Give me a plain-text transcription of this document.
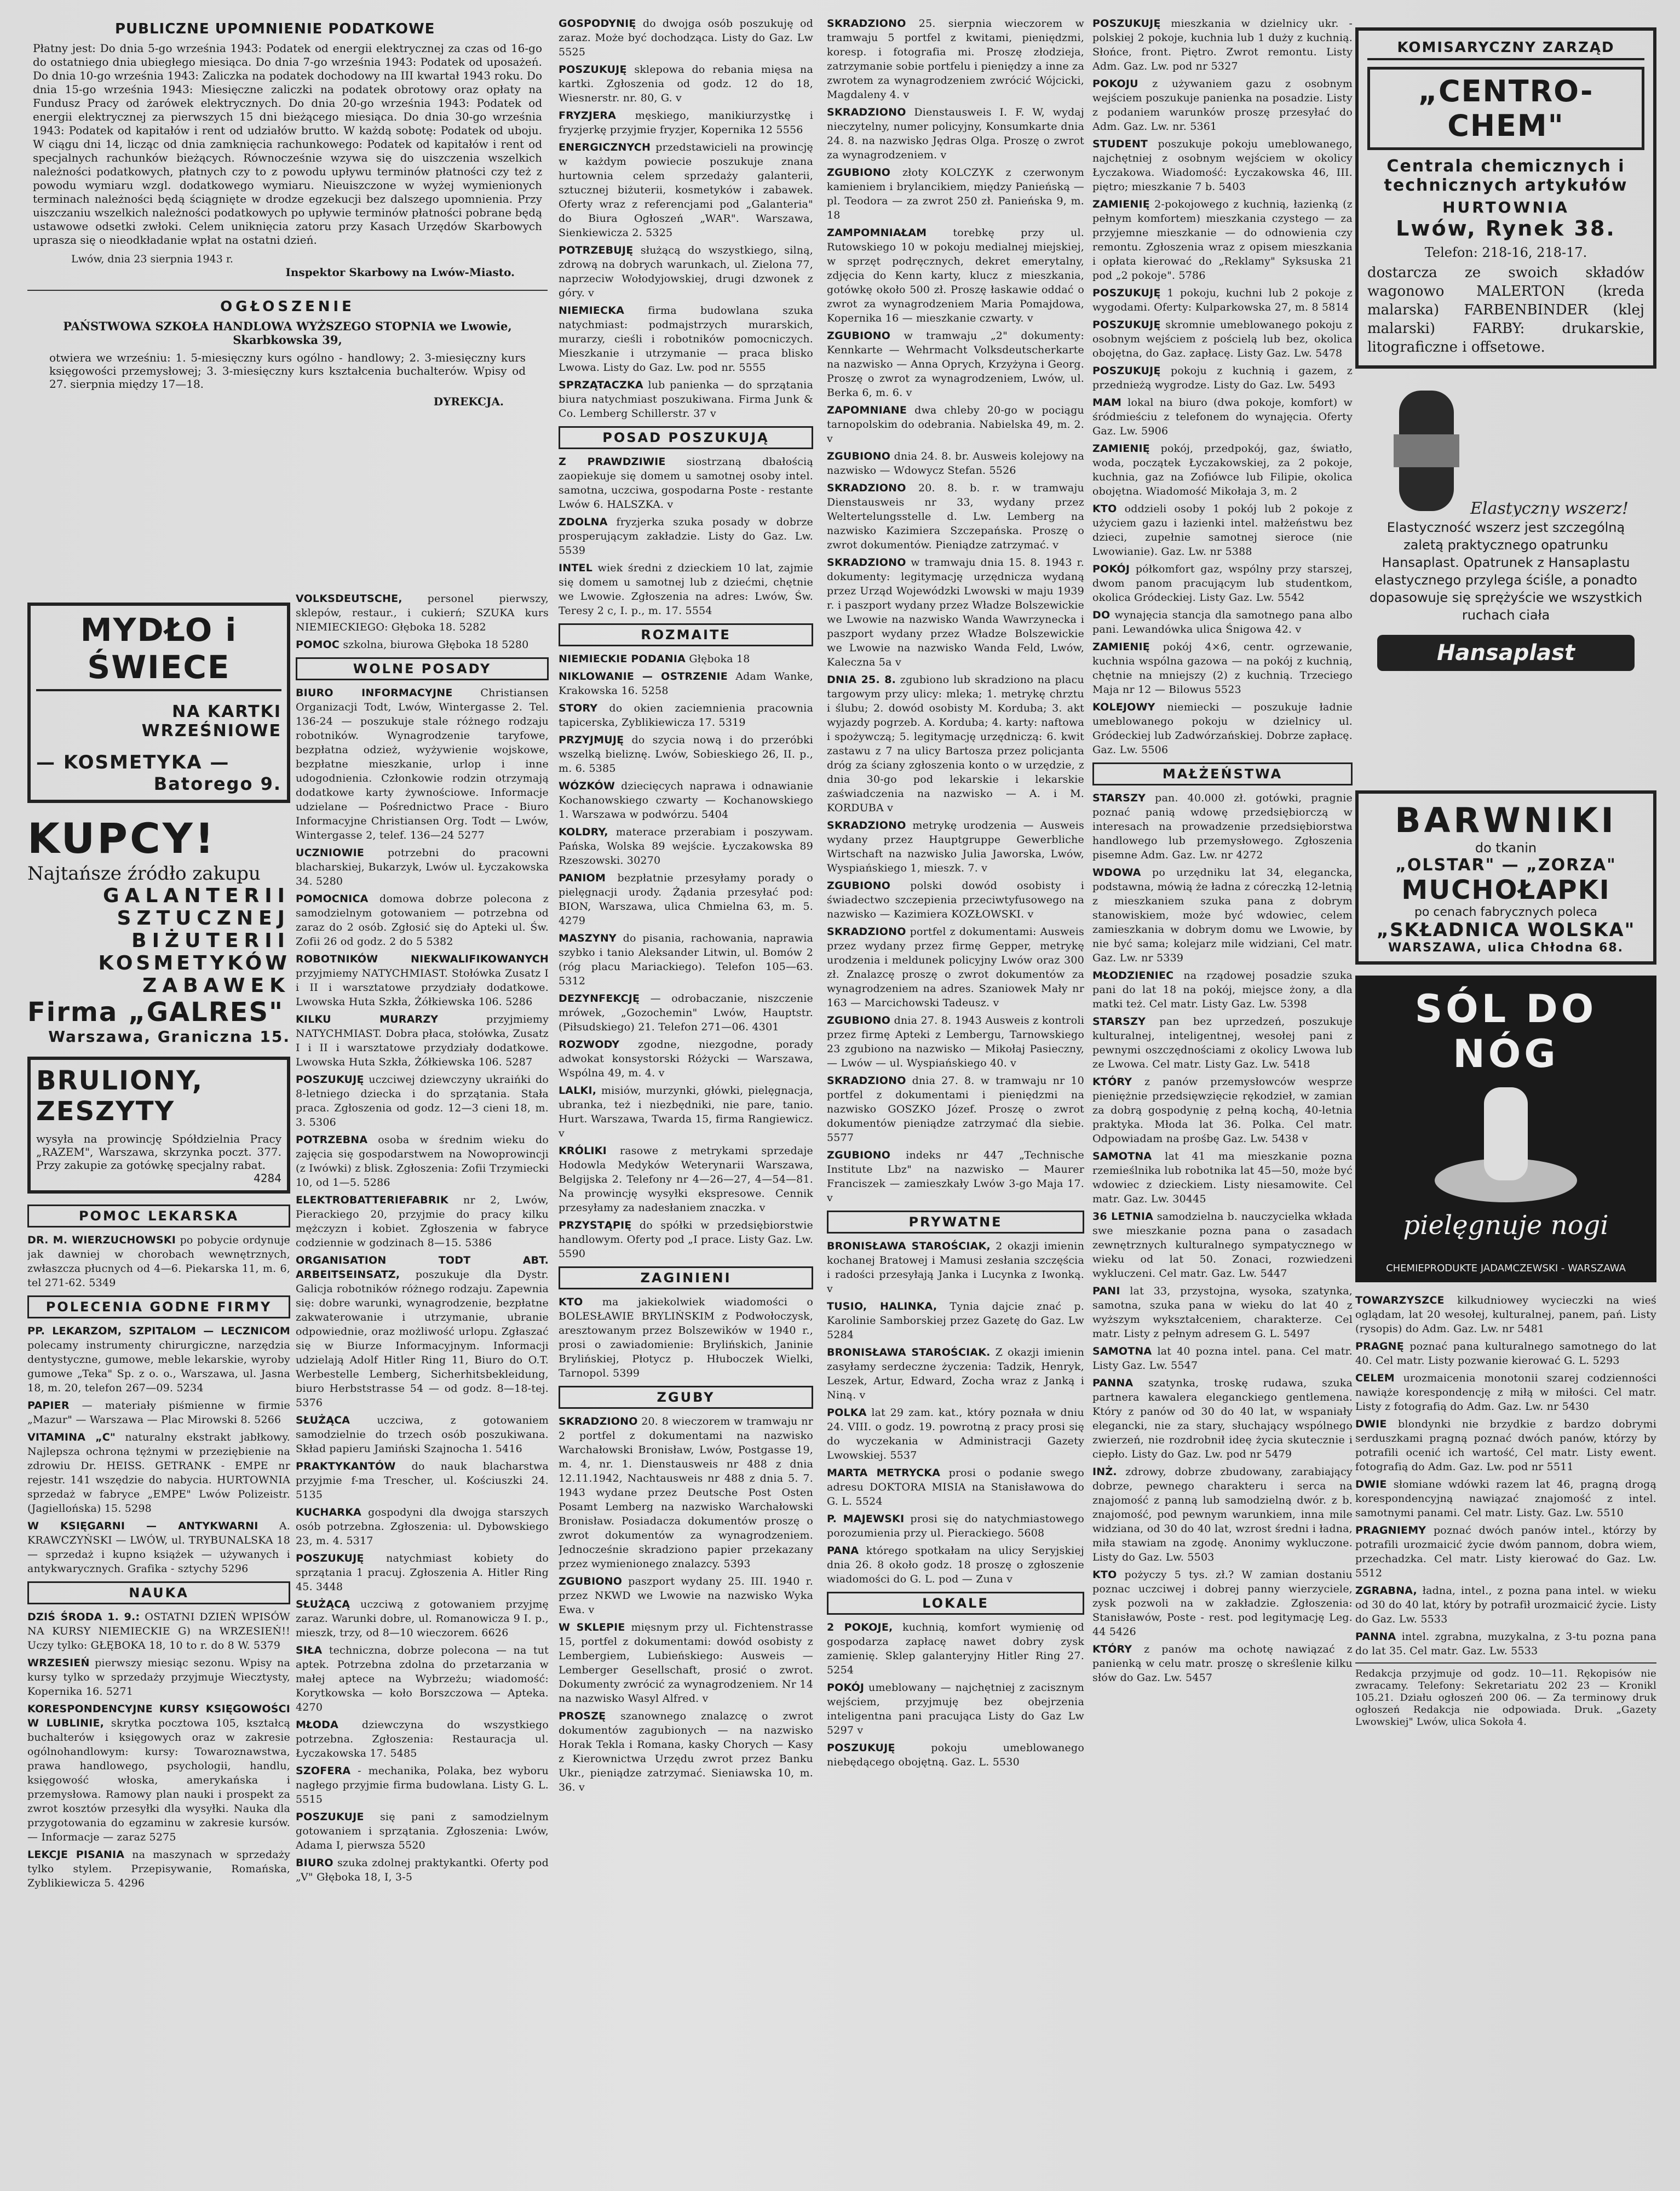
PUBLICZNE UPOMNIENIE PODATKOWE
Płatny jest: Do dnia 5-go września 1943: Podatek od energii elektrycznej za czas od 16-go do ostatniego dnia ubiegłego miesiąca. Do dnia 7-go września 1943: Podatek od uposażeń. Do dnia 10-go września 1943: Zaliczka na podatek dochodowy na III kwartał 1943 roku. Do dnia 15-go września 1943: Miesięczne zaliczki na podatek obrotowy oraz opłaty na Fundusz Pracy od żarówek elektrycznych. Do dnia 20-go września 1943: Podatek od energii elektrycznej za pierwszych 15 dni bieżącego miesiąca. Do dnia 30-go września 1943: Podatek od kapitałów i rent od udziałów brutto. W każdą sobotę: Podatek od uboju. W ciągu dni 14, licząc od dnia zamknięcia rachunkowego: Podatek od kapitałów i rent od specjalnych rachunków bieżących. Równocześnie wzywa się do uiszczenia wszelkich należności podatkowych, płatnych czy to z powodu upływu terminów płatności czy też z powodu wymiaru wzgl. dodatkowego wymiaru. Nieuiszczone w wyżej wymienionych terminach należności będą ściągnięte w drodze egzekucji bez dalszego upomnienia. Przy uiszczaniu wszelkich należności podatkowych po upływie terminów płatności pobrane będą ustawowe odsetki zwłoki. Celem uniknięcia zatoru przy Kasach Urzędów Skarbowych uprasza się o nieodkładanie wpłat na ostatni dzień.
Lwów, dnia 23 sierpnia 1943 r.
Inspektor Skarbowy na Lwów-Miasto.
OGŁOSZENIE
PAŃSTWOWA SZKOŁA HANDLOWA WYŻSZEGO STOPNIA we Lwowie, Skarbkowska 39,
otwiera we wrześniu: 1. 5-miesięczny kurs ogólno - handlowy; 2. 3-miesięczny kurs księgowości przemysłowej; 3. 3-miesięczny kurs kształcenia buchalterów. Wpisy od 27. sierpnia między 17—18.
DYREKCJA.
MYDŁO i ŚWIECE
NA KARTKI
WRZEŚNIOWE
— KOSMETYKA —
Batorego 9.
KUPCY!
Najtańsze źródło zakupu
GALANTERII
SZTUCZNEJ
BIŻUTERII
KOSMETYKÓW
ZABAWEK
Firma „GALRES"
Warszawa, Graniczna 15.
BRULIONY, ZESZYTY
wysyła na prowincję Spółdzielnia Pracy „RAZEM", Warszawa, skrzynka poczt. 377. Przy zakupie za gotówkę specjalny rabat.
4284
POMOC LEKARSKA
DR. M. WIERZUCHOWSKI po pobycie ordynuje jak dawniej w chorobach wewnętrznych, zwłaszcza płucnych od 4—6. Piekarska 11, m. 6, tel 271-62. 5349
POLECENIA GODNE FIRMY
PP. LEKARZOM, SZPITALOM — LECZNICOM polecamy instrumenty chirurgiczne, narzędzia dentystyczne, gumowe, meble lekarskie, wyroby gumowe „Teka" Sp. z o. o., Warszawa, ul. Jasna 18, m. 20, telefon 267—09. 5234
PAPIER — materiały piśmienne w firmie „Mazur" — Warszawa — Plac Mirowski 8. 5266
VITAMINA „C" naturalny ekstrakt jabłkowy. Najlepsza ochrona tężnymi w przeziębienie na zdrowiu Dr. HEISS. GETRANK - EMPE nr rejestr. 141 wszędzie do nabycia. HURTOWNIA sprzedaż w fabryce „EMPE" Lwów Polizeistr. (Jagiellońska) 15. 5298
W KSIĘGARNI — ANTYKWARNI A. KRAWCZYŃSKI — LWÓW, ul. TRYBUNALSKA 18 — sprzedaż i kupno książek — używanych i antykwarycznych. Grafika - sztychy 5296
NAUKA
DZIŚ ŚRODA 1. 9.: OSTATNI DZIEŃ WPISÓW NA KURSY NIEMIECKIE G) na WRZESIEŃ!! Uczy tylko: GŁĘBOKA 18, 10 to r. do 8 W. 5379
WRZESIEŃ pierwszy miesiąc sezonu. Wpisy na kursy tylko w sprzedaży przyjmuje Wiecztysty, Kopernika 16. 5271
KORESPONDENCYJNE KURSY KSIĘGOWOŚCI W LUBLINIE, skrytka pocztowa 105, kształcą buchalterów i księgowych oraz w zakresie ogólnohandlowym: kursy: Towaroznawstwa, prawa handlowego, psychologii, handlu, księgowość włoska, amerykańska i przemysłowa. Ramowy plan nauki i prospekt za zwrot kosztów przesyłki dla wysyłki. Nauka dla przygotowania do egzaminu w zakresie kursów. — Informacje — zaraz 5275
LEKCJE PISANIA na maszynach w sprzedaży tylko stylem. Przepisywanie, Romańska, Zyblikiewicza 5. 4296
VOLKSDEUTSCHE, personel pierwszy, sklepów, restaur., i cukierń; SZUKA kurs NIEMIECKIEGO: Głęboka 18. 5282
POMOC szkolna, biurowa Głęboka 18 5280
WOLNE POSADY
BIURO INFORMACYJNE	Christiansen Organizacji Todt, Lwów, Wintergasse 2. Tel. 136-24 — poszukuje stale różnego rodzaju robotników. Wynagrodzenie taryfowe, bezpłatna odzież, wyżywienie wojskowe, bezpłatne mieszkanie, urlop i inne udogodnienia. Członkowie rodzin otrzymają dodatkowe karty żywnościowe. Informacje udzielane — Pośrednictwo Prace - Biuro Informacyjne Christiansen Org. Todt — Lwów, Wintergasse 2, telef. 136—24 5277
UCZNIOWIE potrzebni do pracowni blacharskiej, Bukarzyk, Lwów ul. Łyczakowska 34. 5280
POMOCNICA domowa dobrze polecona z samodzielnym gotowaniem — potrzebna od zaraz do 2 osób. Zgłosić się do Apteki ul. Św. Zofii 26 od godz. 2 do 5 5382
ROBOTNIKÓW NIEKWALIFIKOWANYCH przyjmiemy NATYCHMIAST. Stołówka Zusatz I i II i warsztatowe przydziały dodatkowe. Lwowska Huta Szkła, Żółkiewska 106. 5286
KILKU MURARZY	przyjmiemy NATYCHMIAST. Dobra płaca, stołówka, Zusatz I i II i warsztatowe przydziały dodatkowe. Lwowska Huta Szkła, Żółkiewska 106. 5287
POSZUKUJĘ uczciwej dziewczyny ukraińki do 8-letniego dziecka i do sprzątania. Stała praca. Zgłoszenia od godz. 12—3 cieni 18, m. 3. 5306
POTRZEBNA osoba w średnim wieku do zajęcia się gospodarstwem na Nowoprowincji (z Iwówki) z blisk. Zgłoszenia: Zofii Trzymiecki 10, od 1—5. 5286
ELEKTROBATTERIEFABRIK nr 2, Lwów, Pierackiego 20, przyjmie do pracy kilku mężczyzn i kobiet. Zgłoszenia w fabryce codziennie w godzinach 8—15. 5386
ORGANISATION TODT ABT. ARBEITSEINSATZ, poszukuje dla Dystr. Galicja robotników różnego rodzaju. Zapewnia się: dobre warunki, wynagrodzenie, bezpłatne zakwaterowanie i utrzymanie, ubranie odpowiednie, oraz możliwość urlopu. Zgłaszać się w Biurze Informacyjnym. Informacji udzielają Adolf Hitler Ring 11, Biuro do O.T. Werbestelle Lemberg, Sicherhitsbekleidung, biuro Herbststrasse 54 — od godz. 8—18-tej. 5376
SŁUŻĄCA	uczciwa, z gotowaniem samodzielnie do trzech osób poszukiwana. Skład papieru Jamiński Szajnocha 1. 5416
PRAKTYKANTÓW do nauk blacharstwa przyjmie f-ma Trescher, ul. Kościuszki 24. 5135
KUCHARKA gospodyni dla dwojga starszych osób potrzebna. Zgłoszenia: ul. Dybowskiego 23, m. 4. 5317
POSZUKUJĘ natychmiast kobiety do sprzątania 1 pracuj. Zgłoszenia A. Hitler Ring 45. 3448
SŁUŻĄCĄ uczciwą z gotowaniem przyjmę zaraz. Warunki dobre, ul. Romanowicza 9 I. p., mieszk, trzy, od 8—10 wieczorem. 6626
SIŁA techniczna, dobrze polecona — na tut aptek. Potrzebna zdolna do przetarzania w małej aptece na Wybrzeżu; wiadomość: Korytkowska — koło Borszczowa — Apteka. 4270
MŁODA dziewczyna do wszystkiego potrzebna. Zgłoszenia: Restauracja ul. Łyczakowska 17. 5485
SZOFERA - mechanika, Polaka, bez wyboru nagłego przyjmie firma budowlana. Listy G. L. 5515
POSZUKUJE się pani z samodzielnym gotowaniem i sprzątania. Zgłoszenia: Lwów, Adama I, pierwsza 5520
BIURO szuka zdolnej praktykantki. Oferty pod „V" Głęboka 18, I, 3-5
GOSPODYNIĘ do dwojga osób poszukuję od zaraz. Może być dochodząca. Listy do Gaz. Lw 5525
POSZUKUJĘ sklepowa do rebania mięsa na kartki. Zgłoszenia od godz. 12 do 18, Wiesnerstr. nr. 80, G. v
FRYZJERA męskiego, manikiurzystkę i fryzjerkę przyjmie fryzjer, Kopernika 12 5556
ENERGICZNYCH przedstawicieli na prowincję w każdym powiecie poszukuje znana hurtownia celem sprzedaży galanterii, sztucznej biżuterii, kosmetyków i zabawek. Oferty wraz z referencjami pod „Galanteria" do Biura Ogłoszeń „WAR". Warszawa, Sienkiewicza 2. 5325
POTRZEBUJĘ służącą do wszystkiego, silną, zdrową na dobrych warunkach, ul. Zielona 77, naprzeciw Wołodyjowskiej, drugi dzwonek z góry. v
NIEMIECKA firma budowlana szuka natychmiast: podmajstrzych murarskich, murarzy, cieśli i robotników pomocniczych. Mieszkanie i utrzymanie — praca blisko Lwowa. Listy do Gaz. Lw. pod nr. 5555
SPRZĄTACZKA lub panienka — do sprzątania biura natychmiast poszukiwana. Firma Junk & Co. Lemberg Schillerstr. 37 v
POSAD POSZUKUJĄ
Z PRAWDZIWIE siostrzaną dbałością zaopiekuje się domem u samotnej osoby intel. samotna, uczciwa, gospodarna Poste - restante Lwów 6. HALSZKA. v
ZDOLNA fryzjerka szuka posady w dobrze prosperującym zakładzie. Listy do Gaz. Lw. 5539
INTEL wiek średni z dzieckiem 10 lat, zajmie się domem u samotnej lub z dziećmi, chętnie we Lwowie. Zgłoszenia na adres: Lwów, Św. Teresy 2 c, I. p., m. 17. 5554
ROZMAITE
NIEMIECKIE PODANIA Głęboka 18
NIKLOWANIE — OSTRZENIE Adam Wanke, Krakowska 16. 5258
STORY do okien zaciemnienia pracownia tapicerska, Zyblikiewicza 17. 5319
PRZYJMUJĘ do szycia nową i do przeróbki wszelką bieliznę. Lwów, Sobieskiego 26, II. p., m. 6. 5385
WÓZKÓW dziecięcych naprawa i odnawianie Kochanowskiego czwarty — Kochanowskiego 1. Warszawa w podwórzu. 5404
KOLDRY, materace przerabiam i poszywam. Pańska, Wolska 89 wejście. Łyczakowska 89 Rzeszowski. 30270
PANIOM bezpłatnie przesyłamy porady o pielęgnacji urody. Żądania przesyłać pod: BION, Warszawa, ulica Chmielna 63, m. 5. 4279
MASZYNY do pisania, rachowania, naprawia szybko i tanio Aleksander Litwin, ul. Bomów 2 (róg placu Mariackiego). Telefon 105—63. 5312
DEZYNFEKCJĘ — odrobaczanie, niszczenie mrówek, „Gozochemin" Lwów, Hauptstr. (Piłsudskiego) 21. Telefon 271—06. 4301
ROZWODY zgodne, niezgodne, porady adwokat konsystorski Różycki — Warszawa, Wspólna 49, m. 4. v
LALKI, misiów, murzynki, główki, pielęgnacja, ubranka, też i niezbędniki, nie pare, tanio. Hurt. Warszawa, Twarda 15, firma Rangiewicz. v
KRÓLIKI rasowe z metrykami sprzedaje Hodowla Medyków Weterynarii Warszawa, Belgijska 2. Telefony nr 4—26—27, 4—54—81. Na prowincję wysyłki ekspresowe. Cennik przesyłamy za nadesłaniem znaczka. v
PRZYSTĄPIĘ do spółki w przedsiębiorstwie handlowym. Oferty pod „I prace. Listy Gaz. Lw. 5590
ZAGINIENI
KTO ma jakiekolwiek wiadomości o BOLESŁAWIE BRYLIŃSKIM z Podwołoczysk, aresztowanym przez Bolszewików w 1940 r., prosi o zawiadomienie: Brylińskich, Janinie Brylińskiej, Płotycz p. Hłuboczek Wielki, Tarnopol. 5399
ZGUBY
SKRADZIONO 20. 8 wieczorem w tramwaju nr 2 portfel z dokumentami na nazwisko Warchałowski Bronisław, Lwów, Postgasse 19, m. 4, nr. 1. Dienstausweis nr 488 z dnia 12.11.1942, Nachtausweis nr 488 z dnia 5. 7. 1943 wydane przez Deutsche Post Osten Posamt Lemberg na nazwisko Warchałowski Bronisław. Posiadacza dokumentów proszę o zwrot dokumentów za wynagrodzeniem. Jednocześnie skradziono papier przekazany przez wymienionego znalazcy. 5393
ZGUBIONO paszport wydany 25. III. 1940 r. przez NKWD we Lwowie na nazwisko Wyka Ewa. v
W SKLEPIE mięsnym przy ul. Fichtenstrasse 15, portfel z dokumentami: dowód osobisty z Lembergiem, Lubieńskiego: Ausweis — Lemberger Gesellschaft, prosić o zwrot. Dokumenty zwrócić za wynagrodzeniem. Nr 14 na nazwisko Wasyl Alfred. v
PROSZĘ szanownego znalazcę o zwrot dokumentów zagubionych — na nazwisko Horak Tekla i Romana, kasky Chorych — Kasy z Kierownictwa Urzędu zwrot przez Banku Ukr., pieniądze zatrzymać. Sieniawska 10, m. 36. v
SKRADZIONO 25. sierpnia wieczorem w tramwaju 5 portfel z kwitami, pieniędzmi, koresp. i fotografia mi. Proszę złodzieja, zatrzymanie sobie portfelu i pieniędzy a inne za zwrotem za wynagrodzeniem zwrócić Wójcicki, Magdaleny 4. v
SKRADZIONO Dienstausweis I. F. W, wydaj nieczytelny, numer policyjny, Konsumkarte dnia 24. 8. na nazwisko Jędras Olga. Proszę o zwrot za wynagrodzeniem. v
ZGUBIONO złoty KOLCZYK z czerwonym kamieniem i brylancikiem, między Panieńską — pl. Teodora — za zwrot 250 zł. Panieńska 9, m. 18
ZAMPOMNIAŁAM	torebkę przy ul. Rutowskiego 10 w pokoju medialnej miejskiej, w sprzęt podręcznych, dekret emerytalny, zdjęcia do Kenn karty, klucz z mieszkania, gotówkę około 500 zł. Proszę łaskawie oddać o zwrot za wynagrodzeniem Maria Pomajdowa, Kopernika 16 — mieszkanie czwarty. v
ZGUBIONO w tramwaju „2" dokumenty: Kennkarte — Wehrmacht Volksdeutscherkarte na nazwisko — Anna Oprych, Krzyżyna i Georg. Proszę o zwrot za wynagrodzeniem, Lwów, ul. Berka 6, m. 6. v
ZAPOMNIANE dwa chleby 20-go w pociągu tarnopolskim do odebrania. Nabielska 49, m. 2. v
ZGUBIONO dnia 24. 8. br. Ausweis kolejowy na nazwisko — Wdowycz Stefan. 5526
SKRADZIONO 20. 8. b. r. w tramwaju Dienstausweis nr 33, wydany przez Weltertelungsstelle d. Lw. Lemberg na nazwisko Kazimiera Szczepańska. Proszę o zwrot dokumentów. Pieniądze zatrzymać. v
SKRADZIONO w tramwaju dnia 15. 8. 1943 r. dokumenty: legitymację urzędnicza wydaną przez Urząd Wojewódzki Lwowski w maju 1939 r. i paszport wydany przez Władze Bolszewickie we Lwowie na nazwisko Wanda Wawrzynecka i paszport wydany przez Władze Bolszewickie we Lwowie na nazwisko Wanda Feld, Lwów, Kaleczna 5a v
DNIA 25. 8. zgubiono lub skradziono na placu targowym przy ulicy: mleka; 1. metrykę chrztu i ślubu; 2. dowód osobisty M. Korduba; 3. akt wyjazdy pogrzeb. A. Korduba; 4. karty: naftowa i spożywczą; 5. legitymację urzędniczą: 6. kwit zastawu z 7 na ulicy Bartosza przez policjanta dróg za ściany zgłoszenia konto o w urzędzie, z dnia 30-go pod lekarskie i lekarskie zaświadczenia na nazwisko — A. i M. KORDUBA v
SKRADZIONO metrykę urodzenia — Ausweis wydany przez Hauptgruppe Gewerbliche Wirtschaft na nazwisko Julia Jaworska, Lwów, Wyspiańskiego 1, mieszk. 7. v
ZGUBIONO polski dowód osobisty i świadectwo szczepienia przeciwtyfusowego na nazwisko — Kazimiera KOZŁOWSKI. v
SKRADZIONO portfel z dokumentami: Ausweis przez wydany przez firmę Gepper, metrykę urodzenia i meldunek policyjny Lwów oraz 300 zł. Znalazcę proszę o zwrot dokumentów za wynagrodzeniem na adres. Szaniowek Mały nr 163 — Marcichowski Tadeusz. v
ZGUBIONO dnia 27. 8. 1943 Ausweis z kontroli przez firmę Apteki z Lembergu, Tarnowskiego 23 zgubiono na nazwisko — Mikołaj Pasieczny, — Lwów — ul. Wyspiańskiego 40. v
SKRADZIONO dnia 27. 8. w tramwaju nr 10 portfel z dokumentami i pieniędzmi na nazwisko GOSZKO Józef. Proszę o zwrot dokumentów pieniądze zatrzymać dla siebie. 5577
ZGUBIONO indeks nr 447 „Technische Institute Lbz" na nazwisko — Maurer Franciszek — zamieszkały Lwów 3-go Maja 17. v
PRYWATNE
BRONISŁAWA STAROŚCIAK, 2 okazji imienin kochanej Bratowej i Mamusi zesłania szczęścia i radości przesyłają Janka i Lucynka z Iwonką. v
TUSIO, HALINKA, Tynia dajcie znać p. Karolinie Samborskiej przez Gazetę do Gaz. Lw 5284
BRONISŁAWA STAROŚCIAK. Z okazji imienin zasyłamy serdeczne życzenia: Tadzik, Henryk, Leszek, Artur, Edward, Zocha wraz z Janką i Niną. v
POLKA lat 29 zam. kat., który poznała w dniu 24. VIII. o godz. 19. powrotną z pracy prosi się do wyczekania w Administracji Gazety Lwowskiej. 5537
MARTA METRYCKA prosi o podanie swego adresu DOKTORA MISIA na Stanisławowa do G. L. 5524
P. MAJEWSKI prosi się do natychmiastowego porozumienia przy ul. Pierackiego. 5608
PANA którego spotkałam na ulicy Seryjskiej dnia 26. 8 około godz. 18 proszę o zgłoszenie wiadomości do G. L. pod — Zuna v
LOKALE
2 POKOJE, kuchnią, komfort wymienię od gospodarza zapłacę nawet dobry zysk zamienię. Sklep galanteryjny Hitler Ring 27. 5254
POKÓJ umeblowany — najchętniej z zacisznym wejściem, przyjmuję bez obejrzenia inteligentna pani pracująca Listy do Gaz Lw 5297 v
POSZUKUJĘ	pokoju umeblowanego niebędącego obojętną. Gaz. L. 5530
POSZUKUJĘ mieszkania w dzielnicy ukr. - polskiej 2 pokoje, kuchnia lub 1 duży z kuchnią. Słońce, front. Piętro. Zwrot remontu. Listy Adm. Gaz. Lw. pod nr 5327
POKOJU z używaniem gazu z osobnym wejściem poszukuje panienka na posadzie. Listy z podaniem warunków proszę przesyłać do Adm. Gaz. Lw. nr. 5361
STUDENT poszukuje pokoju umeblowanego, najchętniej z osobnym wejściem w okolicy Łyczakowa. Wiadomość: Łyczakowska 46, III. piętro; mieszkanie 7 b. 5403
ZAMIENIĘ 2-pokojowego z kuchnią, łazienką (z pełnym komfortem) mieszkania czystego — za przyjemne mieszkanie — do odnowienia czy remontu. Zgłoszenia wraz z opisem mieszkania i opłata kierować do „Reklamy" Syksuska 21 pod „2 pokoje". 5786
POSZUKUJĘ 1 pokoju, kuchni lub 2 pokoje z wygodami. Oferty: Kulparkowska 27, m. 8 5814
POSZUKUJĘ skromnie umeblowanego pokoju z osobnym wejściem z pościelą lub bez, okolica obojętna, do Gaz. zapłacę. Listy Gaz. Lw. 5478
POSZUKUJĘ pokoju z kuchnią i gazem, z przednieżą wygrodze. Listy do Gaz. Lw. 5493
MAM lokal na biuro (dwa pokoje, komfort) w śródmieściu z telefonem do wynajęcia. Oferty Gaz. Lw. 5906
ZAMIENIĘ pokój, przedpokój, gaz, światło, woda, początek Łyczakowskiej, za 2 pokoje, kuchnia, gaz na Zofiówce lub Filipie, okolica obojętna. Wiadomość Mikołaja 3, m. 2
KTO oddzieli osoby 1 pokój lub 2 pokoje z użyciem gazu i łazienki intel. małżeństwu bez dzieci, zupełnie samotnej sieroce (nie Lwowianie). Gaz. Lw. nr 5388
POKÓJ półkomfort gaz, wspólny przy starszej, dwom panom pracującym lub studentkom, okolica Gródeckiej. Listy Gaz. Lw. 5542
DO wynajęcia stancja dla samotnego pana albo pani. Lewandówka ulica Śnigowa 42. v
ZAMIENIĘ pokój 4×6, centr. ogrzewanie, kuchnia wspólna gazowa — na pokój z kuchnią, chętnie na mniejszy (2) z kuchnią. Trzeciego Maja nr 12 — Bilowus 5523
KOLEJOWY niemiecki — poszukuje ładnie umeblowanego pokoju w dzielnicy ul. Gródeckiej lub Zadwórzańskiej. Dobrze zapłacę. Gaz. Lw. 5506
MAŁŻEŃSTWA
STARSZY pan. 40.000 zł. gotówki, pragnie poznać panią wdowę przedsiębiorczą w interesach na prowadzenie przedsiębiorstwa handlowego lub przemysłowego. Zgłoszenia pisemne Adm. Gaz. Lw. nr 4272
WDOWA po urzędniku lat 34, elegancka, podstawna, mówią że ładna z córeczką 12-letnią z mieszkaniem szuka pana z dobrym stanowiskiem, może być wdowiec, celem zamieszkania w dobrym domu we Lwowie, by nie być sama; kolejarz mile widziani, Cel matr. Gaz. Lw. nr 5339
MŁODZIENIEC na rządowej posadzie szuka pani do lat 18 na pokój, miejsce żony, a dla matki też. Cel matr. Listy Gaz. Lw. 5398
STARSZY pan bez uprzedzeń, poszukuje kulturalnej, inteligentnej, wesołej pani z pewnymi oszczędnościami z okolicy Lwowa lub ze Lwowa. Cel matr. Listy Gaz. Lw. 5418
KTÓRY z panów przemysłowców wesprze pieniężnie przedsięwzięcie rękodzieł, w zamian za dobrą gospodynię z pełną kochą, 40-letnia praktyka. Młoda lat 36. Polka. Cel matr. Odpowiadam na prośbę Gaz. Lw. 5438 v
SAMOTNA lat 41 ma mieszkanie pozna rzemieślnika lub robotnika lat 45—50, może być wdowiec z dzieckiem. Listy niesamowite. Cel matr. Gaz. Lw. 30445
36 LETNIA samodzielna b. nauczycielka wkłada swe mieszkanie pozna pana o zasadach zewnętrznych kulturalnego sympatycznego w wieku od lat 50. Zonaci, rozwiedzeni wykluczeni. Cel matr. Gaz. Lw. 5447
PANI lat 33, przystojna, wysoka, szatynka, samotna, szuka pana w wieku do lat 40 z wyższym wykształceniem, charakterze. Cel matr. Listy z pełnym adresem G. L. 5497
SAMOTNA lat 40 pozna intel. pana. Cel matr. Listy Gaz. Lw. 5547
PANNA szatynka, troskę rudawa, szuka partnera kawalera eleganckiego gentlemena. Który z panów od 30 do 40 lat, w wspaniały elegancki, nie za stary, słuchający wspólnego zwierzeń, nie rozdrobnił ideę życia skutecznie i ciepło. Listy do Gaz. Lw. pod nr 5479
INŻ. zdrowy, dobrze zbudowany, zarabiający dobrze, pewnego charakteru i serca na znajomość z panną lub samodzielną dwór. z b. znajomość, pod pewnym warunkiem, inna mile widziana, od 30 do 40 lat, wzrost średni i ładna, miła stawiam na zgodę. Anonimy wykluczone. Listy do Gaz. Lw. 5503
KTO pożyczy 5 tys. zł.? W zamian dostaniu poznac uczciwej i dobrej panny wierzyciele, zysk pozwoli na w zakładzie. Zgłoszenia: Stanisławów, Poste - rest. pod legitymację Leg. 44 5426
KTÓRY z panów ma ochotę nawiązać z panienką w celu matr. proszę o skreślenie kilku słów do Gaz. Lw. 5457
KOMISARYCZNY ZARZĄD
„CENTRO-CHEM"
Centrala chemicznych i technicznych artykułów
HURTOWNIA
Lwów, Rynek 38.
Telefon: 218-16, 218-17.
dostarcza ze swoich składów wagonowo MALERTON (kreda malarska) FARBENBINDER (klej malarski) FARBY: drukarskie, litograficzne i offsetowe.
Elastyczny wszerz!
Elastyczność wszerz jest szczególną zaletą praktycznego opatrunku Hansaplast. Opatrunek z Hansaplastu elastycznego przylega ściśle, a ponadto dopasowuje się sprężyście we wszystkich ruchach ciała
Hansaplast
BARWNIKI
do tkanin
„OLSTAR" — „ZORZA"
MUCHOŁAPKI
po cenach fabrycznych poleca
„SKŁADNICA WOLSKA"
WARSZAWA, ulica Chłodna 68.
SÓL DO NÓG
pielęgnuje nogi
CHEMIEPRODUKTE JADAMCZEWSKI - WARSZAWA
TOWARZYSZCE kilkudniowey wycieczki na wieś oglądam, lat 20 wesołej, kulturalnej, panem, pań. Listy (rysopis) do Adm. Gaz. Lw. nr 5481
PRAGNĘ poznać pana kulturalnego samotnego do lat 40. Cel matr. Listy pozwanie kierować G. L. 5293
CELEM urozmaicenia monotonii szarej codzienności nawiąże korespondencję z miłą w miłości. Cel matr. Listy z fotografią do Adm. Gaz. Lw. nr 5430
DWIE blondynki nie brzydkie z bardzo dobrymi serduszkami pragną poznać dwóch panów, którzy by potrafili ocenić ich wartość, Cel matr. Listy ewent. fotografią do Adm. Gaz. Lw. pod nr 5511
DWIE słomiane wdówki razem lat 46, pragną drogą korespondencyjną nawiązać znajomość z intel. samotnymi panami. Cel matr. Listy. Gaz. Lw. 5510
PRAGNIEMY poznać dwóch panów intel., którzy by potrafili urozmaicić życie dwóm pannom, dobra wiem, przechadzka. Cel matr. Listy kierować do Gaz. Lw. 5512
ZGRABNA, ładna, intel., z pozna pana intel. w wieku od 30 do 40 lat, który by potrafił urozmaicić życie. Listy do Gaz. Lw. 5533
PANNA intel. zgrabna, muzykalna, z 3-tu pozna pana do lat 35. Cel matr. Gaz. Lw. 5533
Redakcja przyjmuje od godz. 10—11. Rękopisów nie zwracamy. Telefony: Sekretariatu 202 23 — Kronikl 105.21. Działu ogłoszeń 200 06. — Za terminowy druk ogłoszeń Redakcja nie odpowiada. Druk. „Gazety Lwowskiej" Lwów, ulica Sokoła 4.
